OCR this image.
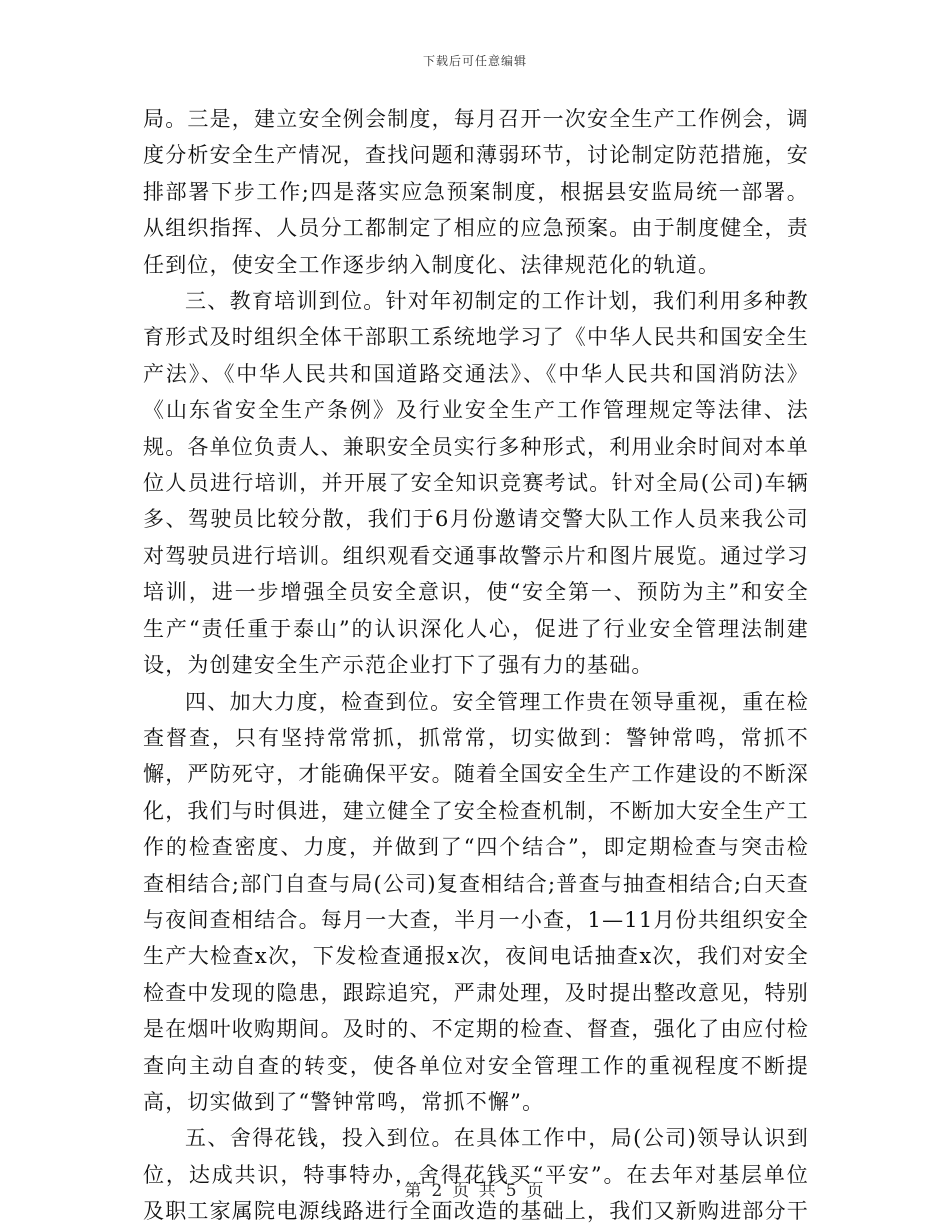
下载后可任意编辑

局。三是，建立安全例会制度，每月召开一次安全生产工作例会，调度分析安全生产情况，查找问题和薄弱环节，讨论制定防范措施，安排部署下步工作;四是落实应急预案制度，根据县安监局统一部署。从组织指挥、人员分工都制定了相应的应急预案。由于制度健全，责任到位，使安全工作逐步纳入制度化、法律规范化的轨道。

三、教育培训到位。针对年初制定的工作计划，我们利用多种教育形式及时组织全体干部职工系统地学习了《中华人民共和国安全生产法》、《中华人民共和国道路交通法》、《中华人民共和国消防法》《山东省安全生产条例》及行业安全生产工作管理规定等法律、法规。各单位负责人、兼职安全员实行多种形式，利用业余时间对本单位人员进行培训，并开展了安全知识竞赛考试。针对全局(公司)车辆多、驾驶员比较分散，我们于6月份邀请交警大队工作人员来我公司对驾驶员进行培训。组织观看交通事故警示片和图片展览。通过学习培训，进一步增强全员安全意识，使“安全第一、预防为主”和安全生产“责任重于泰山”的认识深化人心，促进了行业安全管理法制建设，为创建安全生产示范企业打下了强有力的基础。

四、加大力度，检查到位。安全管理工作贵在领导重视，重在检查督查，只有坚持常常抓，抓常常，切实做到：警钟常鸣，常抓不懈，严防死守，才能确保平安。随着全国安全生产工作建设的不断深化，我们与时俱进，建立健全了安全检查机制，不断加大安全生产工作的检查密度、力度，并做到了“四个结合”，即定期检查与突击检查相结合;部门自查与局(公司)复查相结合;普查与抽查相结合;白天查与夜间查相结合。每月一大查，半月一小查，1—11月份共组织安全生产大检查x次，下发检查通报x次，夜间电话抽查x次，我们对安全检查中发现的隐患，跟踪追究，严肃处理，及时提出整改意见，特别是在烟叶收购期间。及时的、不定期的检查、督查，强化了由应付检查向主动自查的转变，使各单位对安全管理工作的重视程度不断提高，切实做到了“警钟常鸣，常抓不懈”。

五、舍得花钱，投入到位。在具体工作中，局(公司)领导认识到位，达成共识，特事特办，舍得花钱买“平安”。在去年对基层单位及职工家属院电源线路进行全面改造的基础上，我们又新购进部分干

第 2 页 共 5 页
